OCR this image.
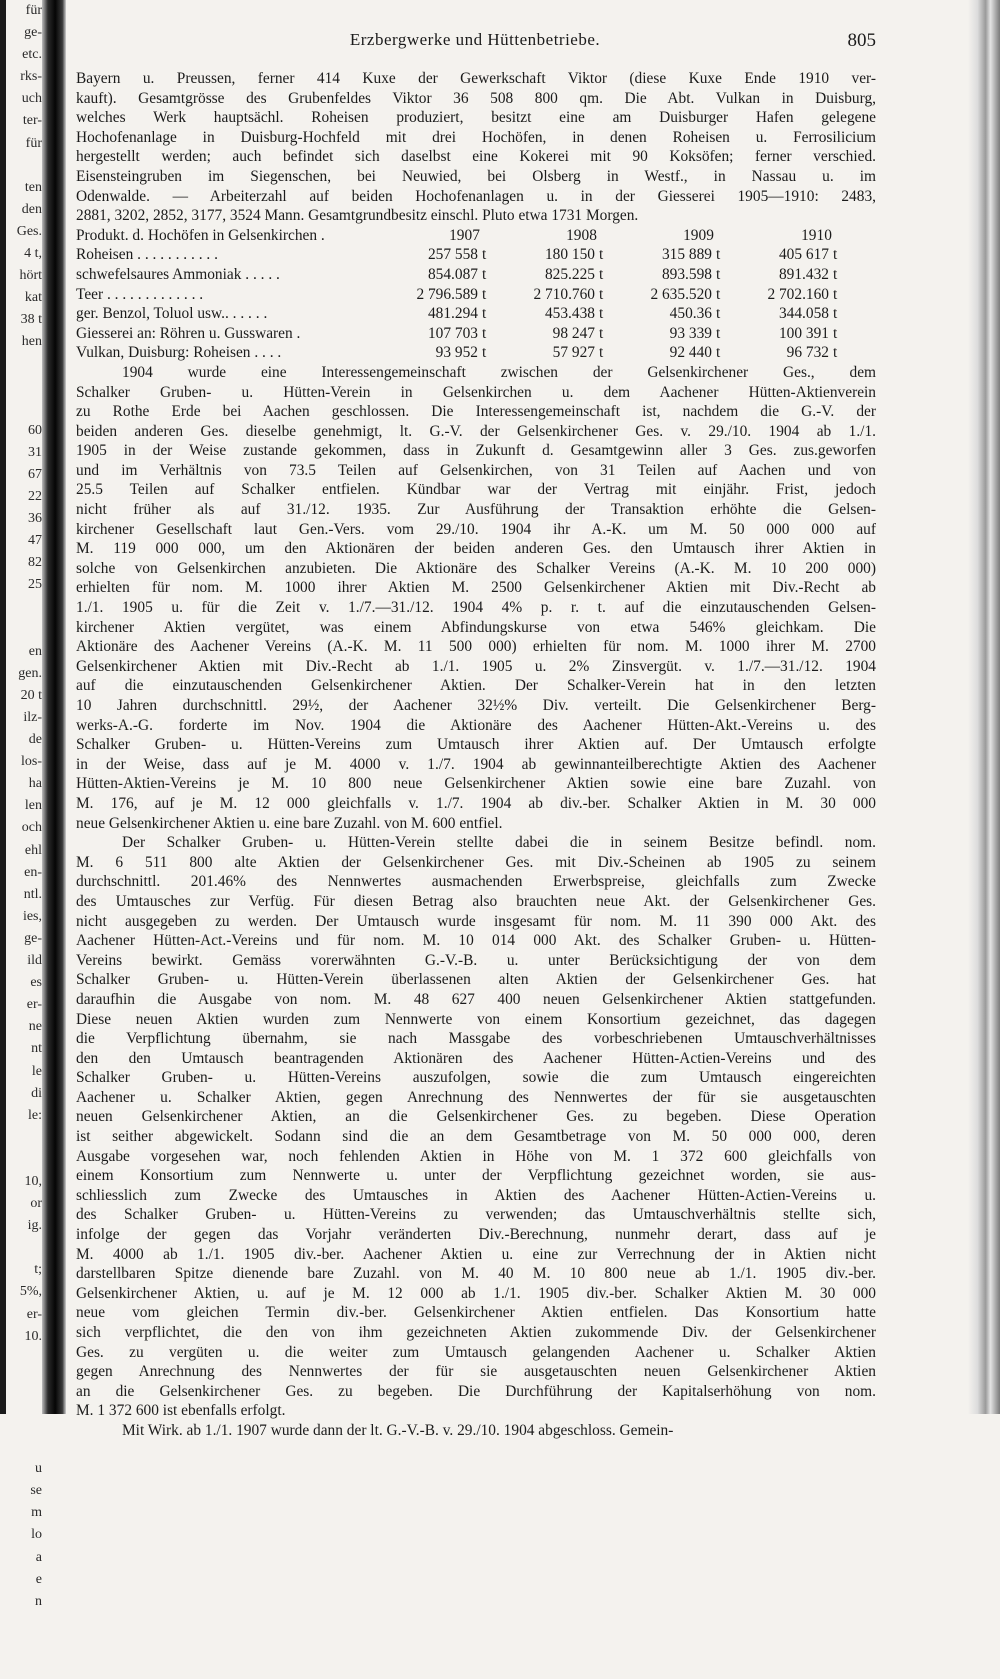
für
ge-
etc.
rks-
uch
ter-
für
ten
den
Ges.
4 t,
hört
kat
38 t
hen
60
31
67
22
36
47
82
25
en
gen.
20 t
ilz-
de
los-
ha
len
och
ehl
en-
ntl.
ies,
ge-
ild
es
er-
ne
nt
le
di
le:
10,
or
ig.
t;
5%,
er-
10.
u
se
m
lo
a
e
n
Erzbergwerke und Hüttenbetriebe.	805
Bayern u. Preussen, ferner 414 Kuxe der Gewerkschaft Viktor (diese Kuxe Ende 1910 ver-
kauft). Gesamtgrösse des Grubenfeldes Viktor 36 508 800 qm. Die Abt. Vulkan in Duisburg,
welches Werk hauptsächl. Roheisen produziert, besitzt eine am Duisburger Hafen gelegene
Hochofenanlage in Duisburg-Hochfeld mit drei Hochöfen, in denen Roheisen u. Ferrosilicium
hergestellt werden; auch befindet sich daselbst eine Kokerei mit 90 Koksöfen; ferner verschied.
Eisensteingruben im Siegenschen, bei Neuwied, bei Olsberg in Westf., in Nassau u. im
Odenwalde. — Arbeiterzahl auf beiden Hochofenanlagen u. in der Giesserei 1905—1910: 2483,
2881, 3202, 2852, 3177, 3524 Mann. Gesamtgrundbesitz einschl. Pluto etwa 1731 Morgen.
Produkt. d. Hochöfen in Gelsenkirchen .	1907		1908		1909		1910	
Roheisen . . . . . . . . . . .	257 558	t	180 150	t	315 889	t	405 617	t
schwefelsaures Ammoniak . . . . .	854.087	t	825.225	t	893.598	t	891.432	t
Teer . . . . . . . . . . . . .	2 796.589	t	2 710.760	t	2 635.520	t	2 702.160	t
ger. Benzol, Toluol usw.. . . . . .	481.294	t	453.438	t	450.36	t	344.058	t
Giesserei an: Röhren u. Gusswaren .	107 703	t	98 247	t	93 339	t	100 391	t
Vulkan, Duisburg: Roheisen . . . .	93 952	t	57 927	t	92 440	t	96 732	t
1904 wurde eine Interessengemeinschaft zwischen der Gelsenkirchener Ges., dem
Schalker Gruben- u. Hütten-Verein in Gelsenkirchen u. dem Aachener Hütten-Aktienverein
zu Rothe Erde bei Aachen geschlossen. Die Interessengemeinschaft ist, nachdem die G.-V. der
beiden anderen Ges. dieselbe genehmigt, lt. G.-V. der Gelsenkirchener Ges. v. 29./10. 1904 ab 1./1.
1905 in der Weise zustande gekommen, dass in Zukunft d. Gesamtgewinn aller 3 Ges. zus.geworfen
und im Verhältnis von 73.5 Teilen auf Gelsenkirchen, von 31 Teilen auf Aachen und von
25.5 Teilen auf Schalker entfielen. Kündbar war der Vertrag mit einjähr. Frist, jedoch
nicht früher als auf 31./12. 1935. Zur Ausführung der Transaktion erhöhte die Gelsen-
kirchener Gesellschaft laut Gen.-Vers. vom 29./10. 1904 ihr A.-K. um M. 50 000 000 auf
M. 119 000 000, um den Aktionären der beiden anderen Ges. den Umtausch ihrer Aktien in
solche von Gelsenkirchen anzubieten. Die Aktionäre des Schalker Vereins (A.-K. M. 10 200 000)
erhielten für nom. M. 1000 ihrer Aktien M. 2500 Gelsenkirchener Aktien mit Div.-Recht ab
1./1. 1905 u. für die Zeit v. 1./7.—31./12. 1904 4% p. r. t. auf die einzutauschenden Gelsen-
kirchener Aktien vergütet, was einem Abfindungskurse von etwa 546% gleichkam. Die
Aktionäre des Aachener Vereins (A.-K. M. 11 500 000) erhielten für nom. M. 1000 ihrer M. 2700
Gelsenkirchener Aktien mit Div.-Recht ab 1./1. 1905 u. 2% Zinsvergüt. v. 1./7.—31./12. 1904
auf die einzutauschenden Gelsenkirchener Aktien. Der Schalker-Verein hat in den letzten
10 Jahren durchschnittl. 29½, der Aachener 32½% Div. verteilt. Die Gelsenkirchener Berg-
werks-A.-G. forderte im Nov. 1904 die Aktionäre des Aachener Hütten-Akt.-Vereins u. des
Schalker Gruben- u. Hütten-Vereins zum Umtausch ihrer Aktien auf. Der Umtausch erfolgte
in der Weise, dass auf je M. 4000 v. 1./7. 1904 ab gewinnanteilberechtigte Aktien des Aachener
Hütten-Aktien-Vereins je M. 10 800 neue Gelsenkirchener Aktien sowie eine bare Zuzahl. von
M. 176, auf je M. 12 000 gleichfalls v. 1./7. 1904 ab div.-ber. Schalker Aktien in M. 30 000
neue Gelsenkirchener Aktien u. eine bare Zuzahl. von M. 600 entfiel.
Der Schalker Gruben- u. Hütten-Verein stellte dabei die in seinem Besitze befindl. nom.
M. 6 511 800 alte Aktien der Gelsenkirchener Ges. mit Div.-Scheinen ab 1905 zu seinem
durchschnittl. 201.46% des Nennwertes ausmachenden Erwerbspreise, gleichfalls zum Zwecke
des Umtausches zur Verfüg. Für diesen Betrag also brauchten neue Akt. der Gelsenkirchener Ges.
nicht ausgegeben zu werden. Der Umtausch wurde insgesamt für nom. M. 11 390 000 Akt. des
Aachener Hütten-Act.-Vereins und für nom. M. 10 014 000 Akt. des Schalker Gruben- u. Hütten-
Vereins bewirkt. Gemäss vorerwähnten G.-V.-B. u. unter Berücksichtigung der von dem
Schalker Gruben- u. Hütten-Verein überlassenen alten Aktien der Gelsenkirchener Ges. hat
daraufhin die Ausgabe von nom. M. 48 627 400 neuen Gelsenkirchener Aktien stattgefunden.
Diese neuen Aktien wurden zum Nennwerte von einem Konsortium gezeichnet, das dagegen
die Verpflichtung übernahm, sie nach Massgabe des vorbeschriebenen Umtauschverhältnisses
den den Umtausch beantragenden Aktionären des Aachener Hütten-Actien-Vereins und des
Schalker Gruben- u. Hütten-Vereins auszufolgen, sowie die zum Umtausch eingereichten
Aachener u. Schalker Aktien, gegen Anrechnung des Nennwertes der für sie ausgetauschten
neuen Gelsenkirchener Aktien, an die Gelsenkirchener Ges. zu begeben. Diese Operation
ist seither abgewickelt. Sodann sind die an dem Gesamtbetrage von M. 50 000 000, deren
Ausgabe vorgesehen war, noch fehlenden Aktien in Höhe von M. 1 372 600 gleichfalls von
einem Konsortium zum Nennwerte u. unter der Verpflichtung gezeichnet worden, sie aus-
schliesslich zum Zwecke des Umtausches in Aktien des Aachener Hütten-Actien-Vereins u.
des Schalker Gruben- u. Hütten-Vereins zu verwenden; das Umtauschverhältnis stellte sich,
infolge der gegen das Vorjahr veränderten Div.-Berechnung, nunmehr derart, dass auf je
M. 4000 ab 1./1. 1905 div.-ber. Aachener Aktien u. eine zur Verrechnung der in Aktien nicht
darstellbaren Spitze dienende bare Zuzahl. von M. 40 M. 10 800 neue ab 1./1. 1905 div.-ber.
Gelsenkirchener Aktien, u. auf je M. 12 000 ab 1./1. 1905 div.-ber. Schalker Aktien M. 30 000
neue vom gleichen Termin div.-ber. Gelsenkirchener Aktien entfielen. Das Konsortium hatte
sich verpflichtet, die den von ihm gezeichneten Aktien zukommende Div. der Gelsenkirchener
Ges. zu vergüten u. die weiter zum Umtausch gelangenden Aachener u. Schalker Aktien
gegen Anrechnung des Nennwertes der für sie ausgetauschten neuen Gelsenkirchener Aktien
an die Gelsenkirchener Ges. zu begeben. Die Durchführung der Kapitalserhöhung von nom.
M. 1 372 600 ist ebenfalls erfolgt.
Mit Wirk. ab 1./1. 1907 wurde dann der lt. G.-V.-B. v. 29./10. 1904 abgeschloss. Gemein-
